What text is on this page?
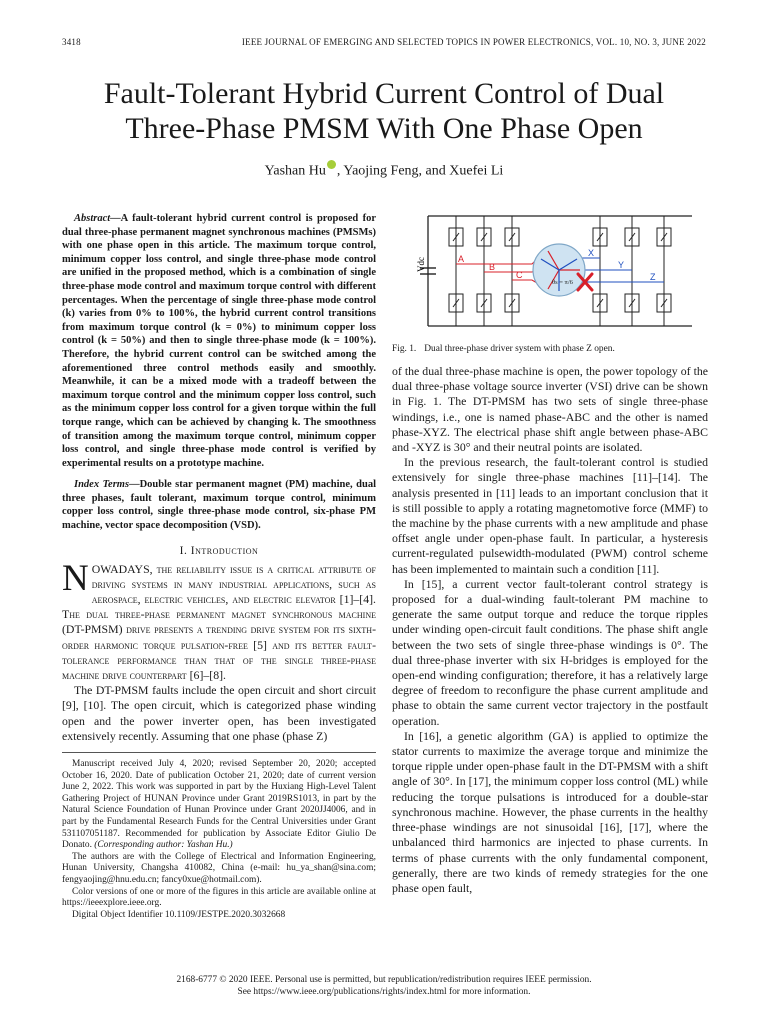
3418	IEEE JOURNAL OF EMERGING AND SELECTED TOPICS IN POWER ELECTRONICS, VOL. 10, NO. 3, JUNE 2022
Fault-Tolerant Hybrid Current Control of Dual
Three-Phase PMSM With One Phase Open
Yashan Hu , Yaojing Feng, and Xuefei Li

Abstract—A fault-tolerant hybrid current control is proposed for dual three-phase permanent magnet synchronous machines (PMSMs) with one phase open in this article. The maximum torque control, minimum copper loss control, and single three-phase mode control are unified in the proposed method, which is a combination of single three-phase mode control and maximum torque control with different percentages. When the percentage of single three-phase mode control (k) varies from 0% to 100%, the hybrid current control transitions from maximum torque control (k = 0%) to minimum copper loss control (k = 50%) and then to single three-phase mode (k = 100%). Therefore, the hybrid current control can be switched among the aforementioned three control methods easily and smoothly. Meanwhile, it can be a mixed mode with a tradeoff between the maximum torque control and the minimum copper loss control, such as the minimum copper loss control for a given torque within the full torque range, which can be achieved by changing k. The smoothness of transition among the maximum torque control, minimum copper loss control, and single three-phase mode control is verified by experimental results on a prototype machine.

Index Terms—Double star permanent magnet (PM) machine, dual three phases, fault tolerant, maximum torque control, minimum copper loss control, single three-phase mode control, six-phase PM machine, vector space decomposition (VSD).

I. Introduction

NOWADAYS, the reliability issue is a critical attribute of driving systems in many industrial applications, such as aerospace, electric vehicles, and electric elevator [1]–[4]. The dual three-phase permanent magnet synchronous machine (DT-PMSM) drive presents a trending drive system for its sixth-order harmonic torque pulsation-free [5] and its better fault-tolerance performance than that of the single three-phase machine drive counterpart [6]–[8].

The DT-PMSM faults include the open circuit and short circuit [9], [10]. The open circuit, which is categorized phase winding open and the power inverter open, has been investigated extensively recently. Assuming that one phase (phase Z)

Manuscript received July 4, 2020; revised September 20, 2020; accepted October 16, 2020. Date of publication October 21, 2020; date of current version June 2, 2022. This work was supported in part by the Huxiang High-Level Talent Gathering Project of HUNAN Province under Grant 2019RS1013, in part by the Natural Science Foundation of Hunan Province under Grant 2020JJ4006, and in part by the Fundamental Research Funds for the Central Universities under Grant 531107051187. Recommended for publication by Associate Editor Giulio De Donato. (Corresponding author: Yashan Hu.)

The authors are with the College of Electrical and Information Engineering, Hunan University, Changsha 410082, China (e-mail: hu_ya_shan@sina.com; fengyaojing@hnu.edu.cn; fancy0xue@hotmail.com).

Color versions of one or more of the figures in this article are available online at https://ieeexplore.ieee.org.

Digital Object Identifier 10.1109/JESTPE.2020.3032668

Vdc	A
B
C
X
Y
Z
θs = π/6
Fig. 1. Dual three-phase driver system with phase Z open.

of the dual three-phase machine is open, the power topology of the dual three-phase voltage source inverter (VSI) drive can be shown in Fig. 1. The DT-PMSM has two sets of single three-phase windings, i.e., one is named phase-ABC and the other is named phase-XYZ. The electrical phase shift angle between phase-ABC and -XYZ is 30° and their neutral points are isolated.

In the previous research, the fault-tolerant control is studied extensively for single three-phase machines [11]–[14]. The analysis presented in [11] leads to an important conclusion that it is still possible to apply a rotating magnetomotive force (MMF) to the machine by the phase currents with a new amplitude and phase offset angle under open-phase fault. In particular, a hysteresis current-regulated pulsewidth-modulated (PWM) control scheme has been implemented to maintain such a condition [11].

In [15], a current vector fault-tolerant control strategy is proposed for a dual-winding fault-tolerant PM machine to generate the same output torque and reduce the torque ripples under winding open-circuit fault conditions. The phase shift angle between the two sets of single three-phase windings is 0°. The dual three-phase inverter with six H-bridges is employed for the open-end winding configuration; therefore, it has a relatively large degree of freedom to reconfigure the phase current amplitude and phase to obtain the same current vector trajectory in the postfault operation.

In [16], a genetic algorithm (GA) is applied to optimize the stator currents to maximize the average torque and minimize the torque ripple under open-phase fault in the DT-PMSM with a shift angle of 30°. In [17], the minimum copper loss control (ML) while reducing the torque pulsations is introduced for a double-star synchronous machine. However, the phase currents in the healthy three-phase windings are not sinusoidal [16], [17], where the unbalanced third harmonics are injected to phase currents. In terms of phase currents with the only fundamental component, generally, there are two kinds of remedy strategies for the one phase open fault,

2168-6777 © 2020 IEEE. Personal use is permitted, but republication/redistribution requires IEEE permission.
See https://www.ieee.org/publications/rights/index.html for more information.
